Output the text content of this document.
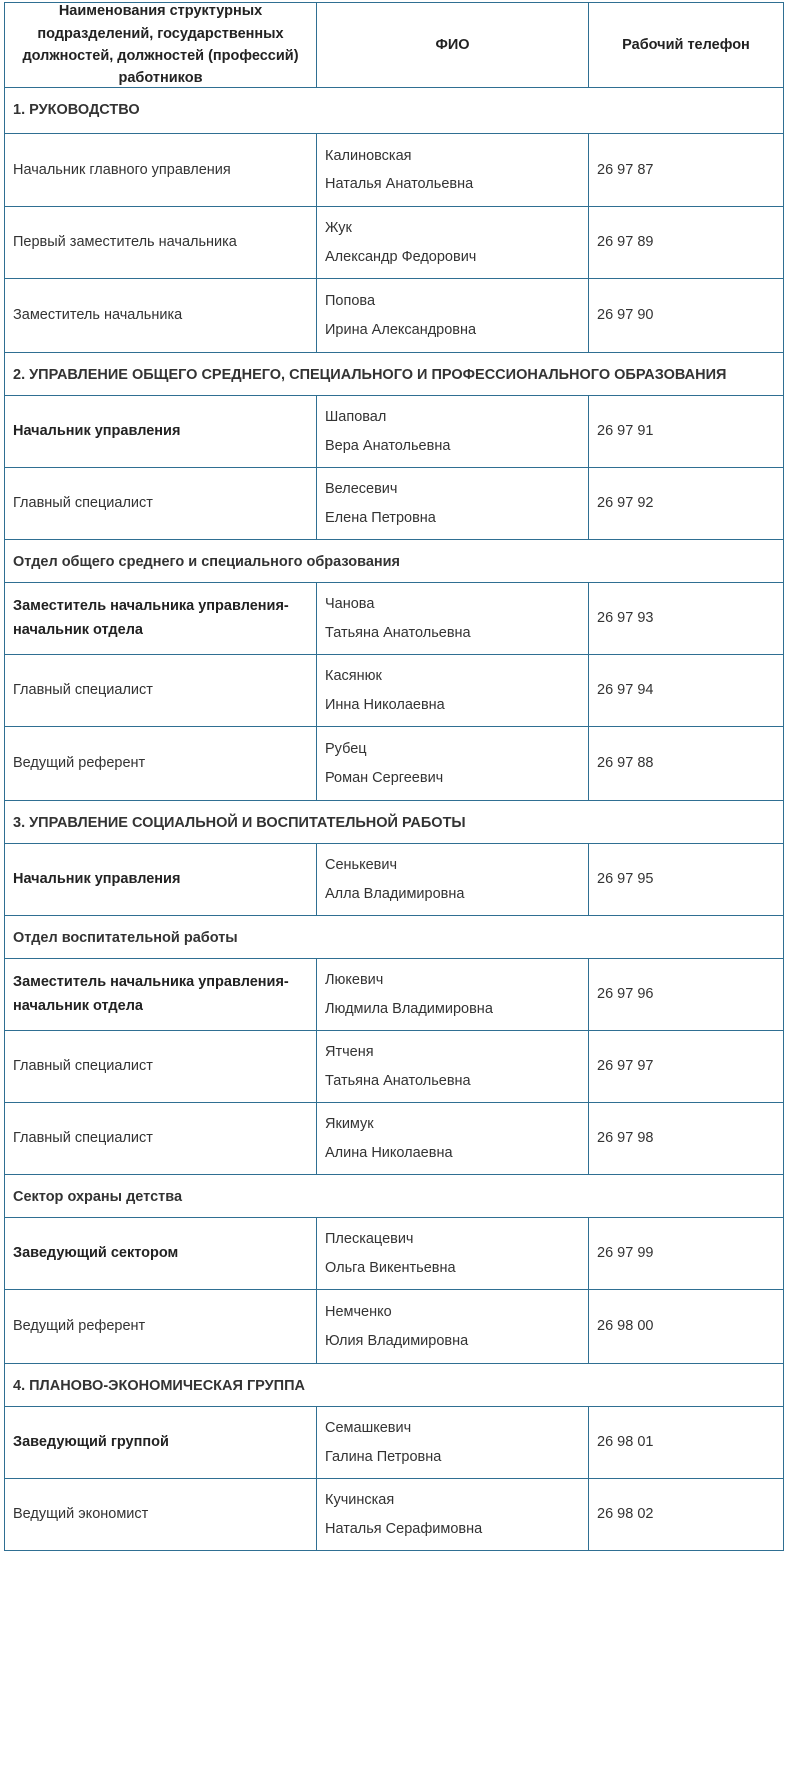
Наименования структурных подразделений, государственных должностей, должностей (профессий) работников
ФИО	Рабочий телефон
1. РУКОВОДСТВО
Начальник главного управления
Калиновская
Наталья Анатольевна
26 97 87
Первый заместитель начальника
Жук
Александр Федорович
26 97 89
Заместитель начальника
Попова
Ирина Александровна
26 97 90
2. УПРАВЛЕНИЕ ОБЩЕГО СРЕДНЕГО, СПЕЦИАЛЬНОГО И ПРОФЕССИОНАЛЬНОГО ОБРАЗОВАНИЯ
Начальник управления
Шаповал
Вера Анатольевна
26 97 91
Главный специалист
Велесевич
Елена Петровна
26 97 92
Отдел общего среднего и специального образования
Заместитель начальника управления-начальник отдела
Чанова
Татьяна Анатольевна
26 97 93
Главный специалист
Касянюк
Инна Николаевна
26 97 94
Ведущий референт
Рубец
Роман Сергеевич
26 97 88
3. УПРАВЛЕНИЕ СОЦИАЛЬНОЙ И ВОСПИТАТЕЛЬНОЙ РАБОТЫ
Начальник управления
Сенькевич
Алла Владимировна
26 97 95
Отдел воспитательной работы
Заместитель начальника управления-начальник отдела
Люкевич
Людмила Владимировна
26 97 96
Главный специалист
Ятченя
Татьяна Анатольевна
26 97 97
Главный специалист
Якимук
Алина Николаевна
26 97 98
Сектор охраны детства
Заведующий сектором
Плескацевич
Ольга Викентьевна
26 97 99
Ведущий референт
Немченко
Юлия Владимировна
26 98 00
4. ПЛАНОВО-ЭКОНОМИЧЕСКАЯ ГРУППА
Заведующий группой
Семашкевич
Галина Петровна
26 98 01
Ведущий экономист
Кучинская
Наталья Серафимовна
26 98 02
